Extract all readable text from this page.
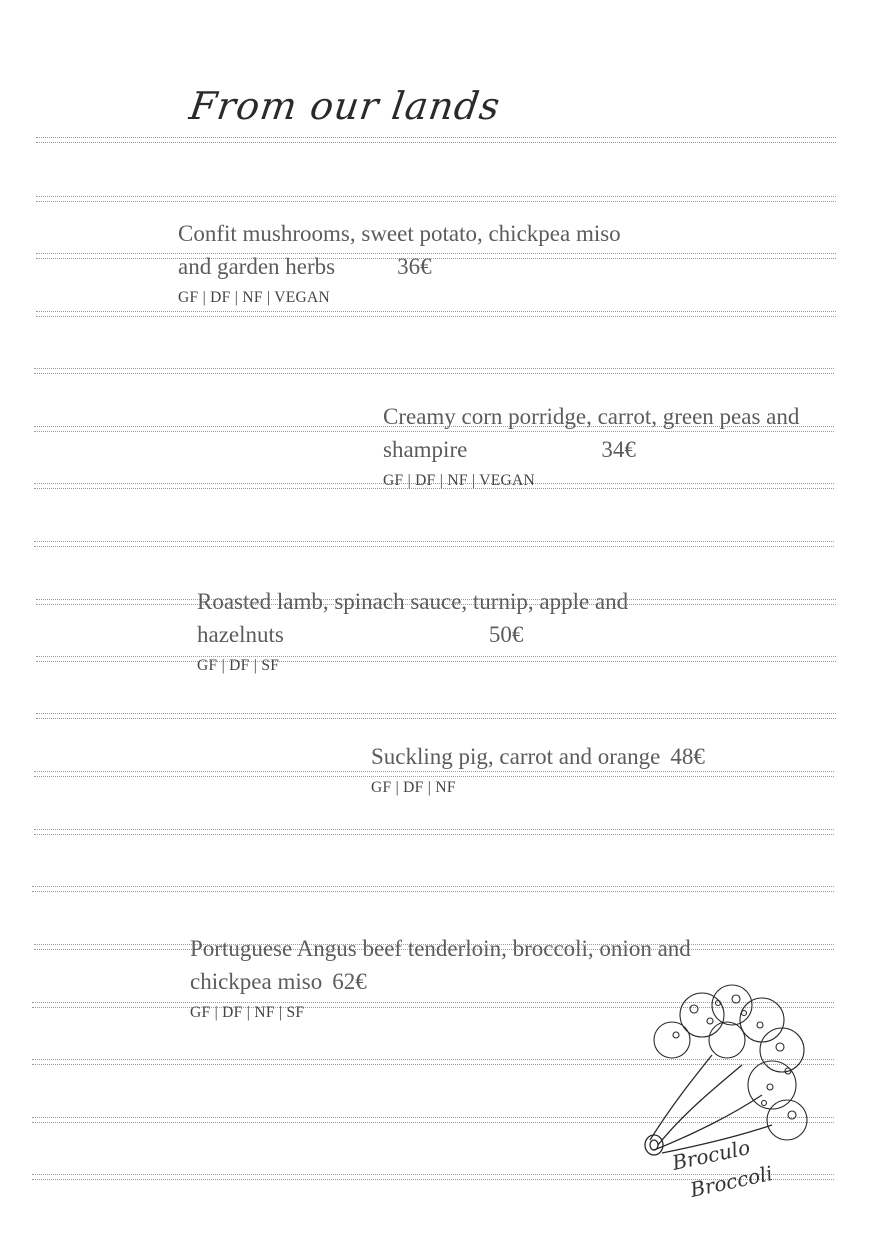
From our lands
Confit mushrooms, sweet potato, chickpea miso
and garden herbs	36€
GF | DF | NF | VEGAN
Creamy corn porridge, carrot, green peas and
shampire	34€
GF | DF | NF | VEGAN
Roasted lamb, spinach sauce, turnip, apple and
hazelnuts	50€
GF | DF | SF
Suckling pig, carrot and orange 48€
GF | DF | NF
Portuguese Angus beef tenderloin, broccoli, onion and
chickpea miso 62€
GF | DF | NF | SF
Broculo
Broccoli
